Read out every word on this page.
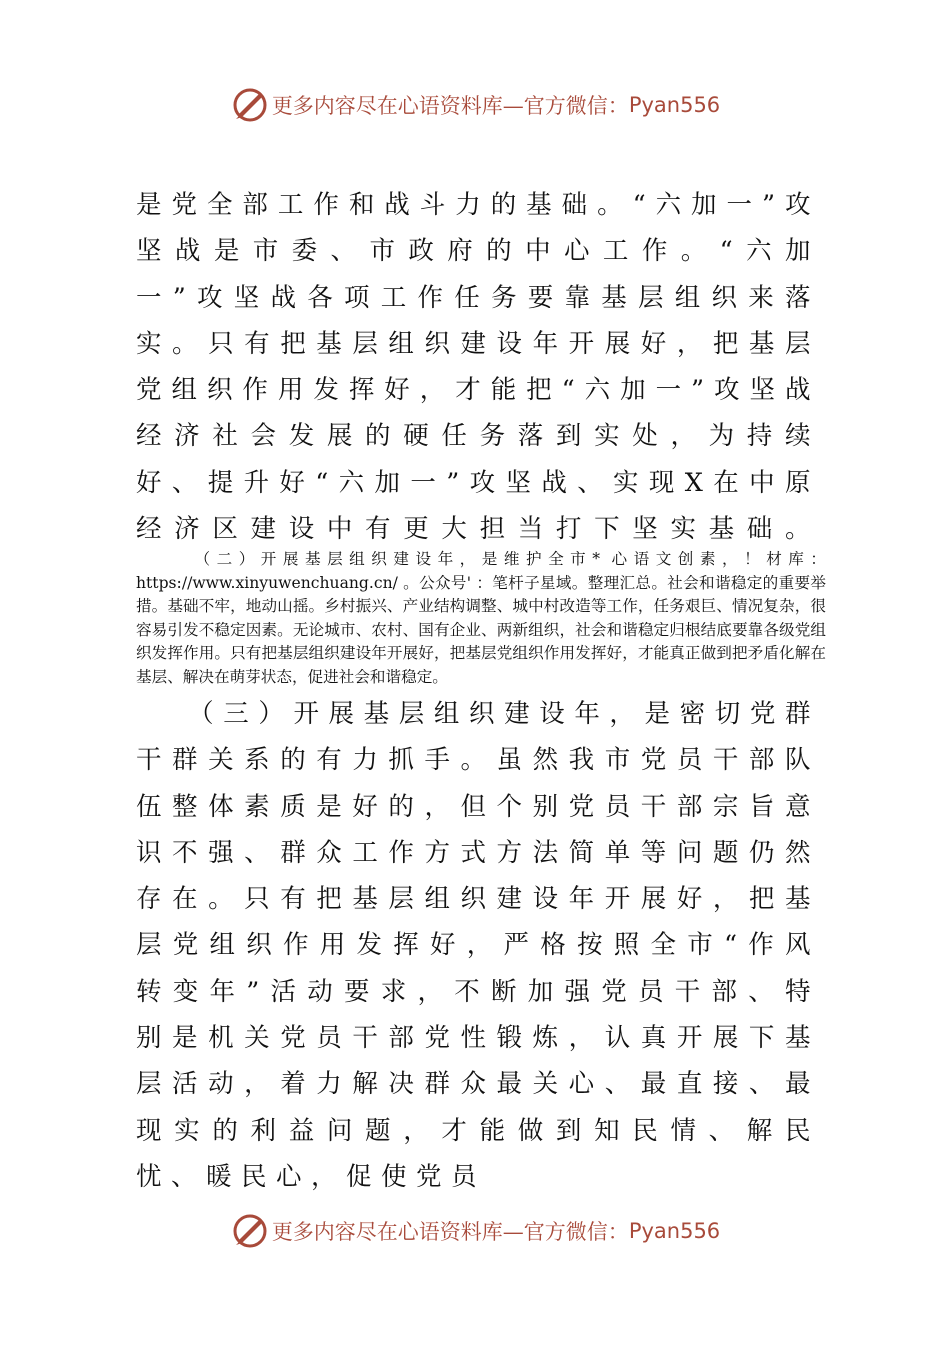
更多内容尽在心语资料库—官方微信： Pyan556

是党全部工作和战斗力的基础。“六加一”攻坚战是市委、市政府的中心工作。“六加一”攻坚战各项工作任务要靠基层组织来落实。只有把基层组织建设年开展好，把基层党组织作用发挥好，才能把“六加一”攻坚战经济社会发展的硬任务落到实处，为持续好、提升好“六加一”攻坚战、实现X在中原经济区建设中有更大担当打下坚实基础。

（二）开展基层组织建设年，是维护全市* 心语文创素，！材库：https://www.xinyuwenchuang.cn/ 。公众号' ：笔杆子星域。整理汇总。社会和谐稳定的重要举措。基础不牢，地动山摇。乡村振兴、产业结构调整、城中村改造等工作，任务艰巨、情况复杂，很容易引发不稳定因素。无论城市、农村、国有企业、两新组织，社会和谐稳定归根结底要靠各级党组织发挥作用。只有把基层组织建设年开展好，把基层党组织作用发挥好，才能真正做到把矛盾化解在基层、解决在萌芽状态，促进社会和谐稳定。

（三）开展基层组织建设年，是密切党群干群关系的有力抓手。虽然我市党员干部队伍整体素质是好的，但个别党员干部宗旨意识不强、群众工作方式方法简单等问题仍然存在。只有把基层组织建设年开展好，把基层党组织作用发挥好，严格按照全市“作风转变年”活动要求，不断加强党员干部、特别是机关党员干部党性锻炼，认真开展下基层活动，着力解决群众最关心、最直接、最现实的利益问题，才能做到知民情、解民忧、暖民心，促使党员

更多内容尽在心语资料库—官方微信： Pyan556
